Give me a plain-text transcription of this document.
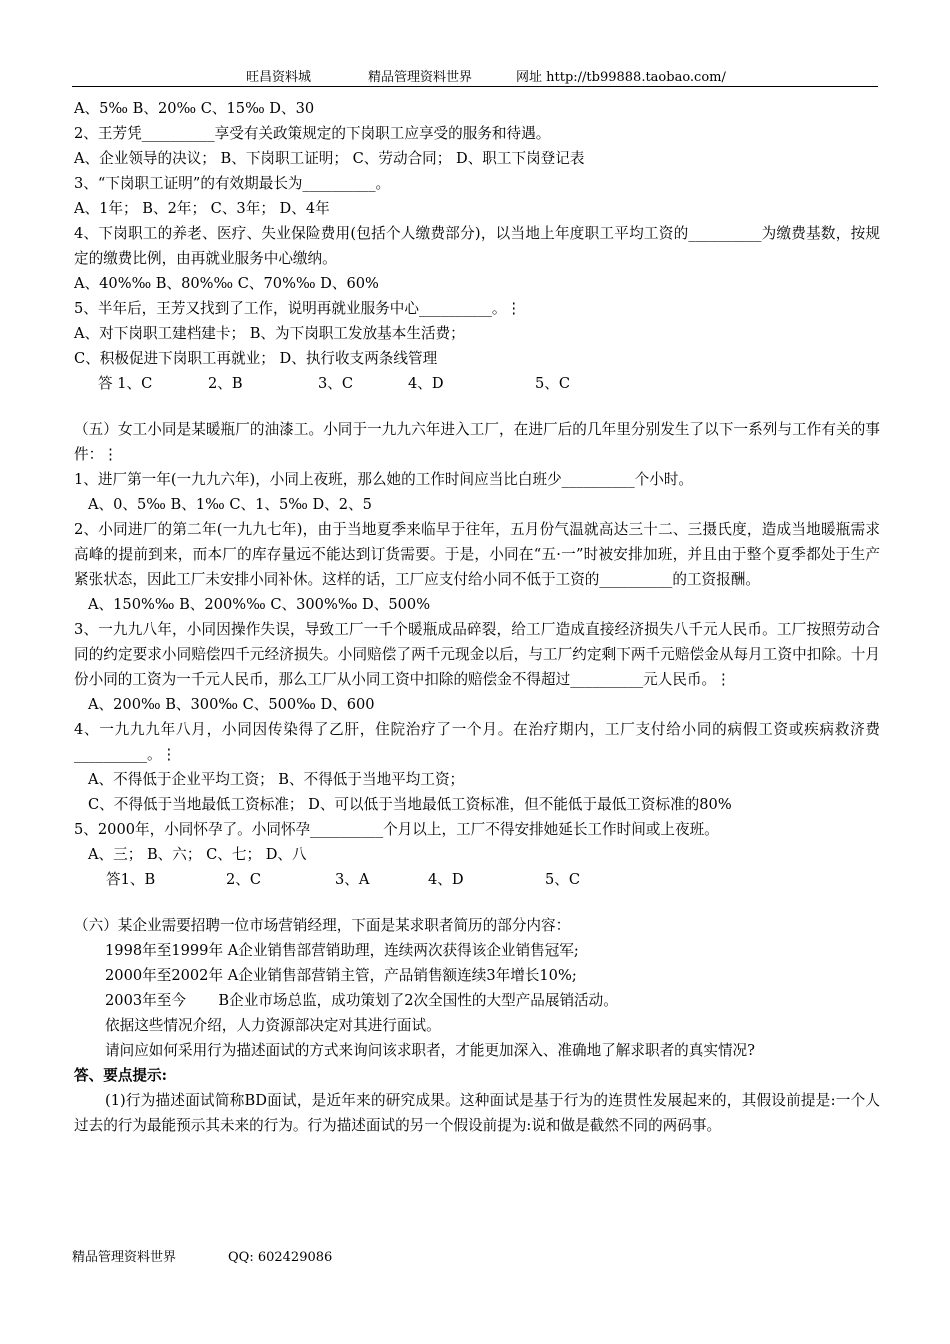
旺昌资料城	精品管理资料世界	网址 http://tb99888.taobao.com/
A、5‰ B、20‰ C、15‰ D、30
2、王芳凭__________享受有关政策规定的下岗职工应享受的服务和待遇。
A、企业领导的决议； B、下岗职工证明； C、劳动合同； D、职工下岗登记表
3、“下岗职工证明”的有效期最长为__________。
A、1年； B、2年； C、3年； D、4年
4、下岗职工的养老、医疗、失业保险费用(包括个人缴费部分)，以当地上年度职工平均工资的__________为缴费基数，按规定的缴费比例，由再就业服务中心缴纳。
A、40%‰ B、80%‰ C、70%‰ D、60%
5、半年后，王芳又找到了工作，说明再就业服务中心__________。⋮
A、对下岗职工建档建卡； B、为下岗职工发放基本生活费；
C、积极促进下岗职工再就业； D、执行收支两条线管理
答 1、C	2、B	3、C	4、D	5、C
（五）女工小同是某暖瓶厂的油漆工。小同于一九九六年进入工厂，在进厂后的几年里分别发生了以下一系列与工作有关的事件：⋮
1、进厂第一年(一九九六年)，小同上夜班，那么她的工作时间应当比白班少__________个小时。
A、0、5‰ B、1‰ C、1、5‰ D、2、5
2、小同进厂的第二年(一九九七年)，由于当地夏季来临早于往年，五月份气温就高达三十二、三摄氏度，造成当地暖瓶需求高峰的提前到来，而本厂的库存量远不能达到订货需要。于是，小同在“五·一”时被安排加班，并且由于整个夏季都处于生产紧张状态，因此工厂未安排小同补休。这样的话，工厂应支付给小同不低于工资的__________的工资报酬。
A、150%‰ B、200%‰ C、300%‰ D、500%
3、一九九八年，小同因操作失误，导致工厂一千个暖瓶成品碎裂，给工厂造成直接经济损失八千元人民币。工厂按照劳动合同的约定要求小同赔偿四千元经济损失。小同赔偿了两千元现金以后，与工厂约定剩下两千元赔偿金从每月工资中扣除。十月份小同的工资为一千元人民币，那么工厂从小同工资中扣除的赔偿金不得超过__________元人民币。⋮
A、200‰ B、300‰ C、500‰ D、600
4、一九九九年八月，小同因传染得了乙肝，住院治疗了一个月。在治疗期内，工厂支付给小同的病假工资或疾病救济费__________。⋮
A、不得低于企业平均工资； B、不得低于当地平均工资；
C、不得低于当地最低工资标准； D、可以低于当地最低工资标准，但不能低于最低工资标准的80%
5、2000年，小同怀孕了。小同怀孕__________个月以上，工厂不得安排她延长工作时间或上夜班。
A、三； B、六； C、七； D、八
答1、B	2、C	3、A	4、D	5、C
（六）某企业需要招聘一位市场营销经理，下面是某求职者简历的部分内容：
1998年至1999年 A企业销售部营销助理，连续两次获得该企业销售冠军;
2000年至2002年 A企业销售部营销主管，产品销售额连续3年增长10%;
2003年至今       B企业市场总监，成功策划了2次全国性的大型产品展销活动。
依据这些情况介绍，人力资源部决定对其进行面试。
请问应如何采用行为描述面试的方式来询问该求职者，才能更加深入、准确地了解求职者的真实情况?
答、要点提示:
(1)行为描述面试简称BD面试，是近年来的研究成果。这种面试是基于行为的连贯性发展起来的，其假设前提是:一个人过去的行为最能预示其未来的行为。行为描述面试的另一个假设前提为:说和做是截然不同的两码事。
精品管理资料世界	QQ: 602429086
